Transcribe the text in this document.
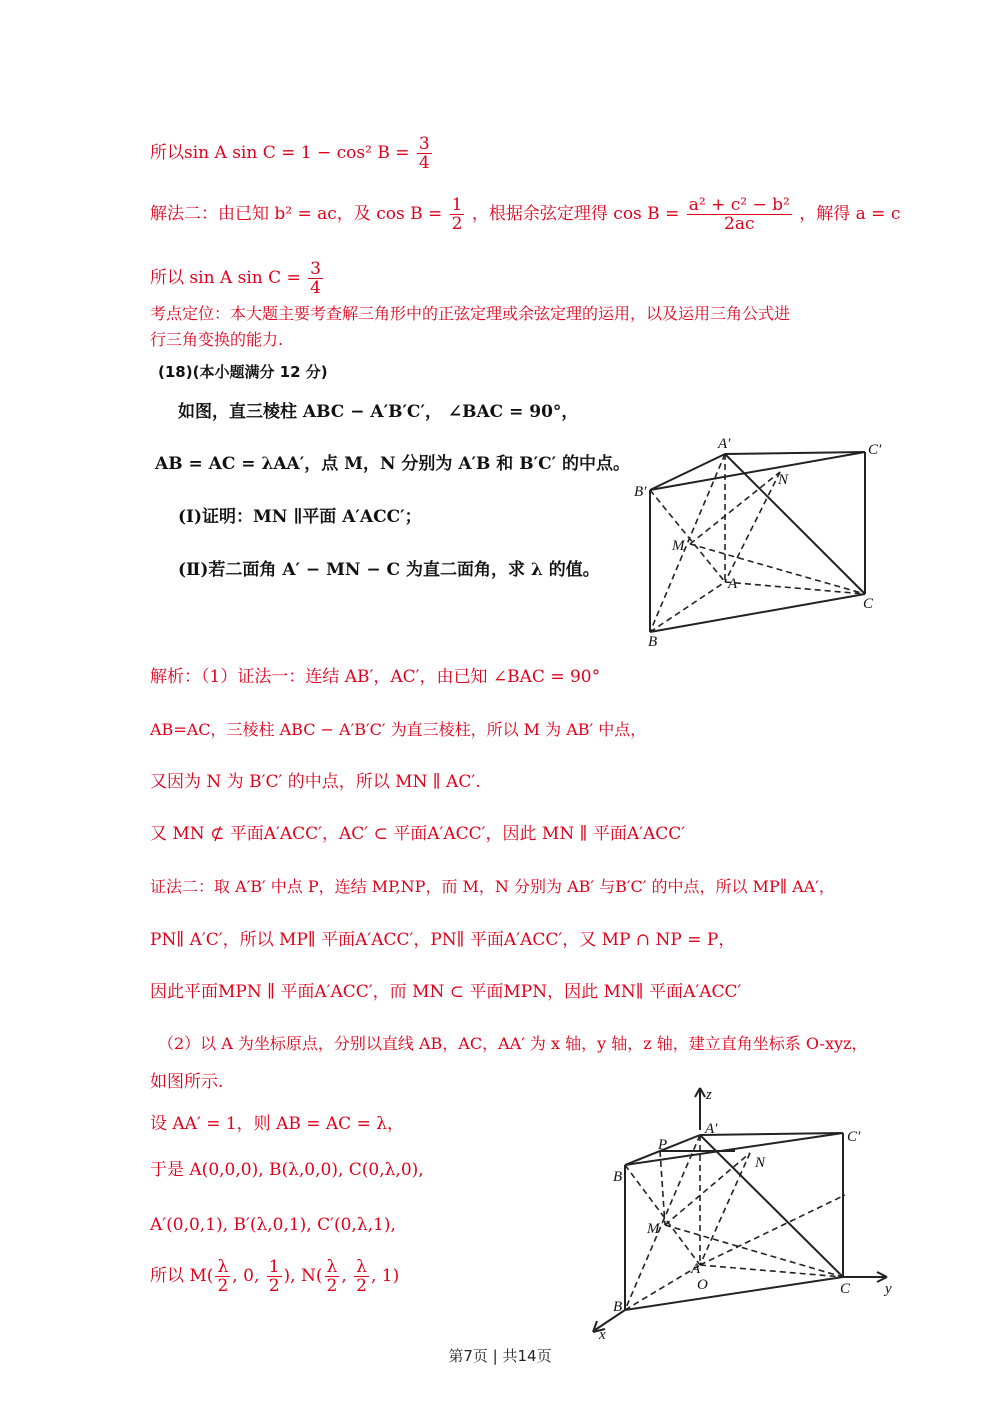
所以sin A sin C = 1 − cos² $B = \frac{3}{4}$
解法二：由已知 b² = ac，及 $\cos B = \frac{1}{2}$ ，根据余弦定理得 $\cos B = \frac{\text{a² + c² − b²}}{2ac}$ ，解得 a = c
所以 sin A $\sin C = \frac{3}{4}$
考点定位：本大题主要考查解三角形中的正弦定理或余弦定理的运用，以及运用三角公式进
行三角变换的能力.
(18)(本小题满分 12 分)
如图，直三棱柱 ABC − A′B′C′， ∠BAC = 90°，
AB = AC = λAA′，点 M，N 分别为 A′B 和 B′C′ 的中点。
(Ⅰ)证明：MN ∥平面 A′ACC′；
(Ⅱ)若二面角 A′ − MN − C 为直二面角，求 λ 的值。
A′	C′
B′
N
M
A
C
B
解析：（1）证法一：连结 AB′，AC′，由已知 ∠BAC = 90°
AB=AC，三棱柱 ABC − A′B′C′ 为直三棱柱，所以 M 为 AB′ 中点，
又因为 N 为 B′C′ 的中点，所以 MN ∥ AC′.
又 MN ⊄ 平面A′ACC′，AC′ ⊂ 平面A′ACC′，因此 MN ∥ 平面A′ACC′
证法二：取 A′B′ 中点 P，连结 MP,NP，而 M，N 分别为 AB′ 与B′C′ 的中点，所以 MP∥ AA′，
PN∥ A′C′，所以 MP∥ 平面A′ACC′，PN∥ 平面A′ACC′，又 MP ∩ NP = P，
因此平面MPN ∥ 平面A′ACC′，而 MN ⊂ 平面MPN，因此 MN∥ 平面A′ACC′
（2）以 A 为坐标原点，分别以直线 AB，AC，AA′ 为 x 轴，y 轴，z 轴，建立直角坐标系 O-xyz，
如图所示.
设 AA′ = 1，则 AB = AC = λ，
于是 A(0,0,0), B(λ,0,0), C(0,λ,0),
A′(0,0,1), B′(λ,0,1), C′(0,λ,1),
所以 $M( \frac{\lambda}{2}$ , 0, $\frac{1}{2}$ ), $N( \frac{\lambda}{2}$ , $\frac{\lambda}{2}$ , 1)
z
A′	C′
P
B′
N
M
A
O	C y
B
x
第7页 | 共14页
